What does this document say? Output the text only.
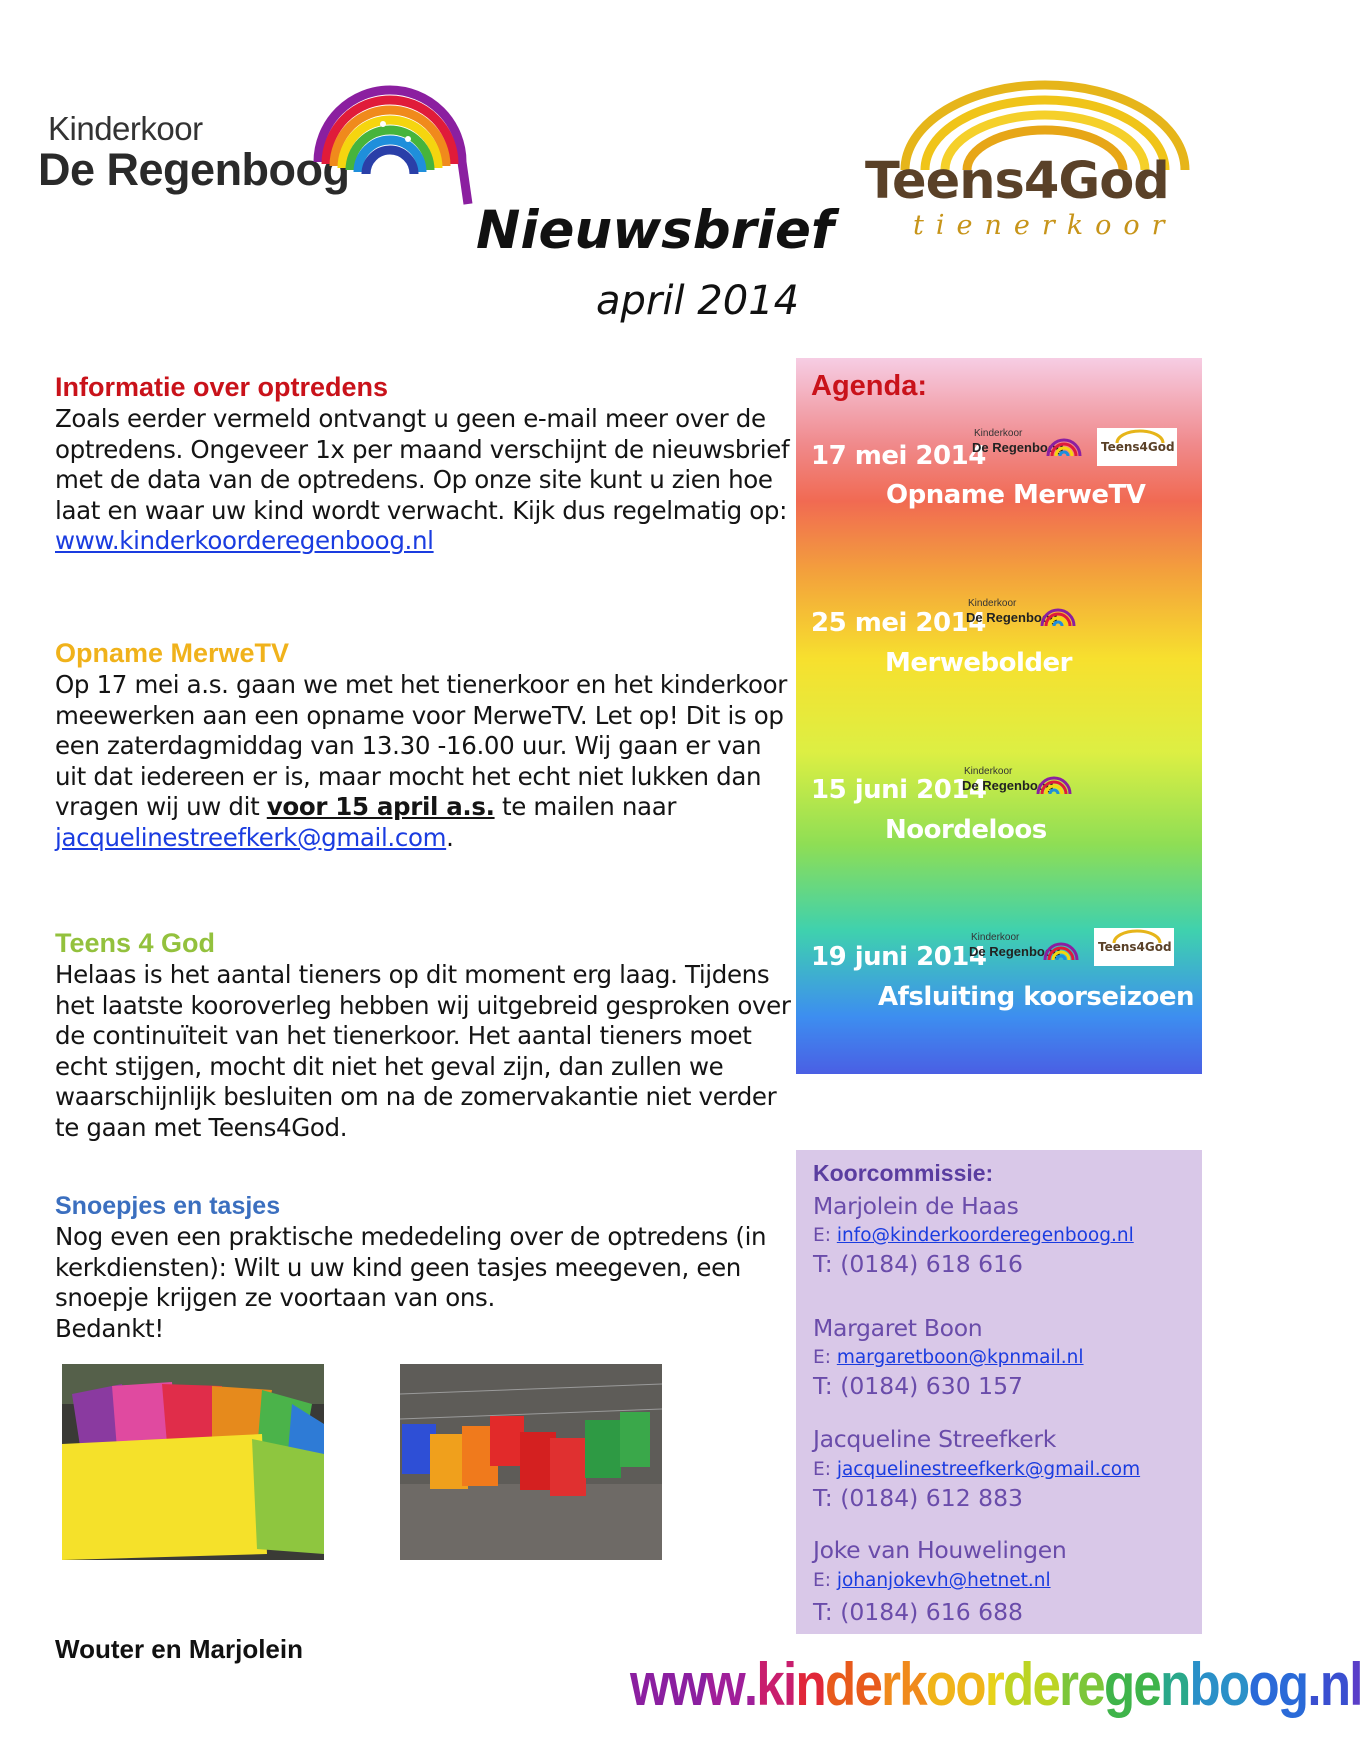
Kinderkoor
De Regenboog	Teens4God
tienerkoor
Nieuwsbrief
april 2014
Informatie over optredens
Zoals eerder vermeld ontvangt u geen e-mail meer over de optredens. Ongeveer 1x per maand verschijnt de nieuwsbrief met de data van de optredens. Op onze site kunt u zien hoe laat en waar uw kind wordt verwacht. Kijk dus regelmatig op: www.kinderkoorderegenboog.nl
Opname MerweTV
Op 17 mei a.s. gaan we met het tienerkoor en het kinderkoor meewerken aan een opname voor MerweTV. Let op! Dit is op een zaterdagmiddag van 13.30 -16.00 uur. Wij gaan er van uit dat iedereen er is, maar mocht het echt niet lukken dan vragen wij uw dit voor 15 april a.s. te mailen naar jacquelinestreefkerk@gmail.com.
Teens 4 God
Helaas is het aantal tieners op dit moment erg laag. Tijdens het laatste kooroverleg hebben wij uitgebreid gesproken over de continuïteit van het tienerkoor. Het aantal tieners moet echt stijgen, mocht dit niet het geval zijn, dan zullen we waarschijnlijk besluiten om na de zomervakantie niet verder te gaan met Teens4God.
Snoepjes en tasjes
Nog even een praktische mededeling over de optredens (in kerkdiensten): Wilt u uw kind geen tasjes meegeven, een snoepje krijgen ze voortaan van ons.
Bedankt!
Agenda:
17 mei 2014
Kinderkoor
De Regenboog	Teens4God
Opname MerweTV
25 mei 2014
Kinderkoor
De Regenboog
Merwebolder
15 juni 2014
Kinderkoor
De Regenboog
Noordeloos
19 juni 2014
Kinderkoor
De Regenboog	Teens4God
Afsluiting koorseizoen
Koorcommissie:
Marjolein de Haas
E: info@kinderkoorderegenboog.nl
T: (0184) 618 616
Margaret Boon
E: margaretboon@kpnmail.nl
T: (0184) 630 157
Jacqueline Streefkerk
E: jacquelinestreefkerk@gmail.com
T: (0184) 612 883
Joke van Houwelingen
E: johanjokevh@hetnet.nl
T: (0184) 616 688
Wouter en Marjolein
www.kinderkoorderegenboog.nl
